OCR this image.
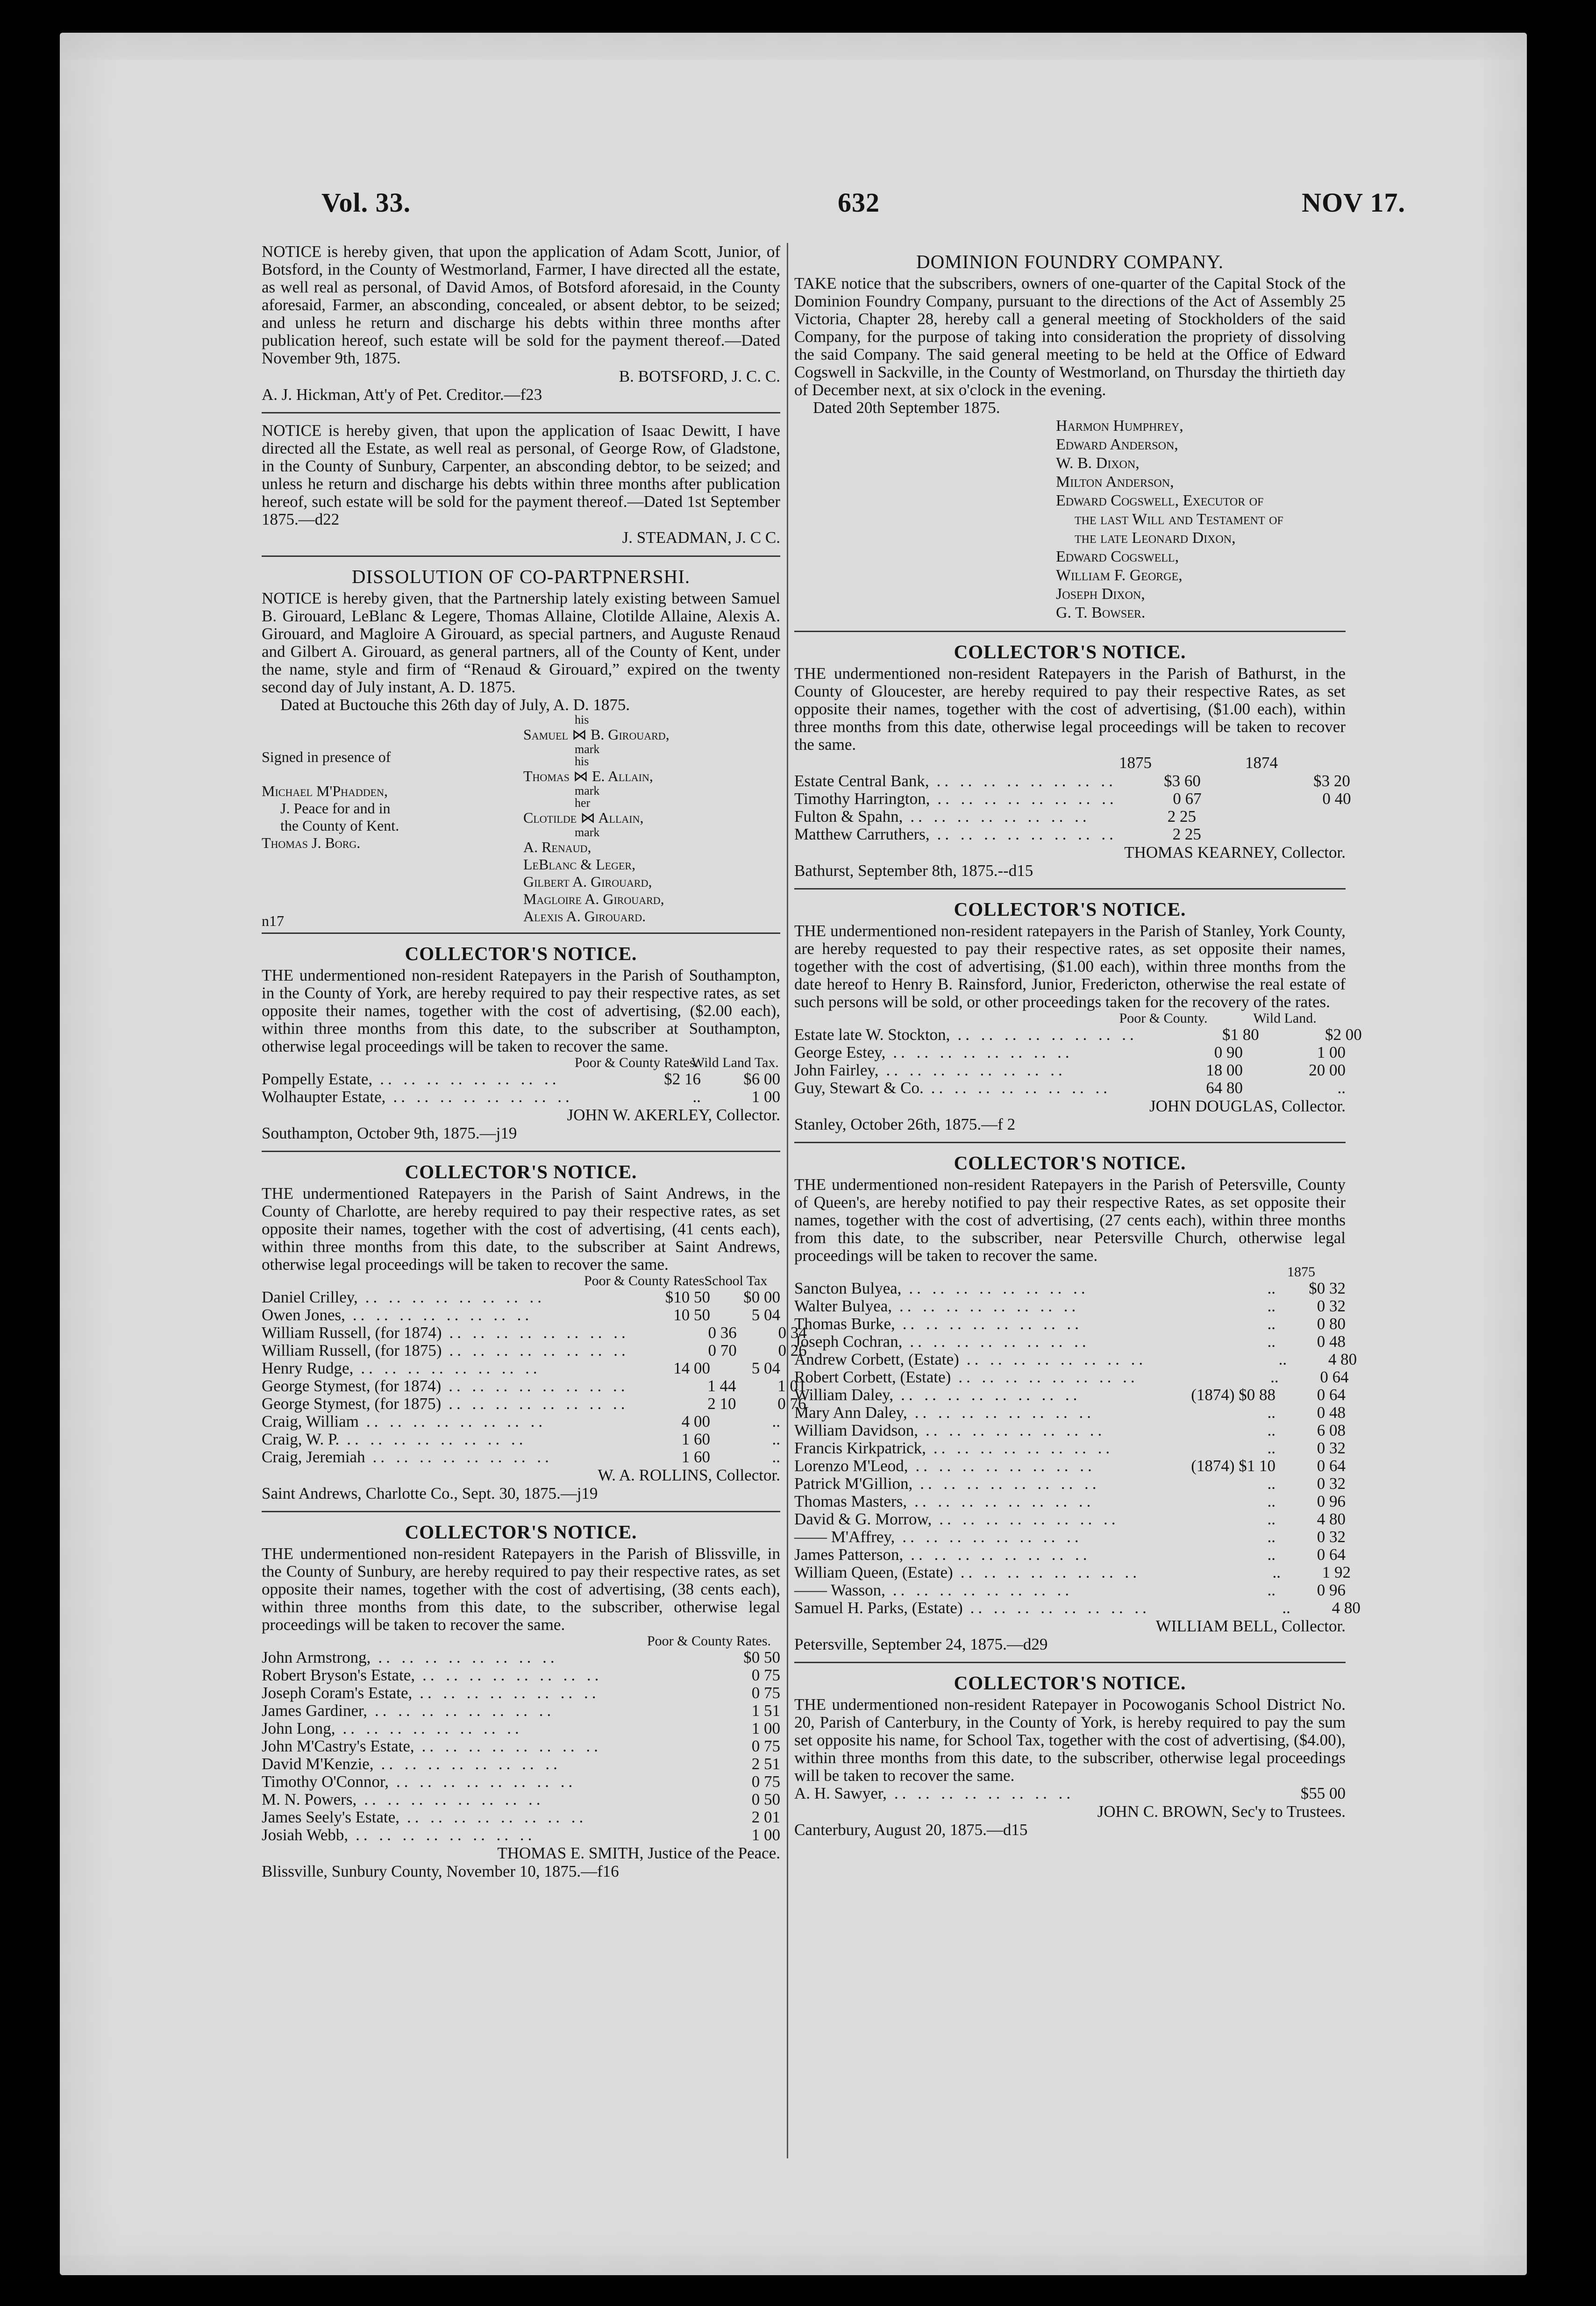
Vol. 33.	632	NOV 17.

NOTICE is hereby given, that upon the application of Adam Scott, Junior, of Botsford, in the County of Westmorland, Farmer, I have directed all the estate, as well real as personal, of David Amos, of Botsford aforesaid, in the County aforesaid, Farmer, an absconding, concealed, or absent debtor, to be seized; and unless he return and discharge his debts within three months after publication hereof, such estate will be sold for the payment thereof.—Dated November 9th, 1875.

B. BOTSFORD, J. C. C.

A. J. Hickman, Att'y of Pet. Creditor.—f23

NOTICE is hereby given, that upon the application of Isaac Dewitt, I have directed all the Estate, as well real as personal, of George Row, of Gladstone, in the County of Sunbury, Carpenter, an absconding debtor, to be seized; and unless he return and discharge his debts within three months after publication hereof, such estate will be sold for the payment thereof.—Dated 1st September 1875.—d22

J. STEADMAN, J. C C.

DISSOLUTION OF CO-PARTPNERSHI.

NOTICE is hereby given, that the Partnership lately existing between Samuel B. Girouard, LeBlanc & Legere, Thomas Allaine, Clotilde Allaine, Alexis A. Girouard, and Magloire A Girouard, as special partners, and Auguste Renaud and Gilbert A. Girouard, as general partners, all of the County of Kent, under the name, style and firm of “Renaud & Girouard,” expired on the twenty second day of July instant, A. D. 1875.

Dated at Buctouche this 26th day of July, A. D. 1875.

Signed in presence of
Michael M'Phadden,
J. Peace for and in
the County of Kent.
Thomas J. Borg.
n17
his
Samuel ⋈ B. Girouard,
mark
his
Thomas ⋈ E. Allain,
mark
her
Clotilde ⋈ Allain,
mark
A. Renaud,
LeBlanc & Leger,
Gilbert A. Girouard,
Magloire A. Girouard,
Alexis A. Girouard.
COLLECTOR'S NOTICE.

THE undermentioned non-resident Ratepayers in the Parish of Southampton, in the County of York, are hereby required to pay their respective rates, as set opposite their names, together with the cost of advertising, ($2.00 each), within three months from this date, to the subscriber at Southampton, otherwise legal proceedings will be taken to recover the same.

Poor & County Rates.
Wild Land Tax.
Pompelly Estate, .. .. .. .. .. .. .. ..	$2 16	$6 00
Wolhaupter Estate, .. .. .. .. .. .. .. ..	..	1 00

JOHN W. AKERLEY, Collector.

Southampton, October 9th, 1875.—j19

COLLECTOR'S NOTICE.

THE undermentioned Ratepayers in the Parish of Saint Andrews, in the County of Charlotte, are hereby required to pay their respective rates, as set opposite their names, together with the cost of advertising, (41 cents each), within three months from this date, to the subscriber at Saint Andrews, otherwise legal proceedings will be taken to recover the same.

Poor & County Rates.
School Tax
Daniel Crilley, .. .. .. .. .. .. .. ..	$10 50	$0 00
Owen Jones, .. .. .. .. .. .. .. ..	10 50	5 04
William Russell, (for 1874) .. .. .. .. .. .. .. ..	0 36	0 34
William Russell, (for 1875) .. .. .. .. .. .. .. ..	0 70	0 26
Henry Rudge, .. .. .. .. .. .. .. ..	14 00	5 04
George Stymest, (for 1874) .. .. .. .. .. .. .. ..	1 44	1 01
George Stymest, (for 1875) .. .. .. .. .. .. .. ..	2 10	0 76
Craig, William .. .. .. .. .. .. .. ..	4 00	..
Craig, W. P. .. .. .. .. .. .. .. ..	1 60	..
Craig, Jeremiah .. .. .. .. .. .. .. ..	1 60	..

W. A. ROLLINS, Collector.

Saint Andrews, Charlotte Co., Sept. 30, 1875.—j19

COLLECTOR'S NOTICE.

THE undermentioned non-resident Ratepayers in the Parish of Blissville, in the County of Sunbury, are hereby required to pay their respective rates, as set opposite their names, together with the cost of advertising, (38 cents each), within three months from this date, to the subscriber, otherwise legal proceedings will be taken to recover the same.

Poor & County Rates.
John Armstrong, .. .. .. .. .. .. .. ..	$0 50
Robert Bryson's Estate, .. .. .. .. .. .. .. ..	0 75
Joseph Coram's Estate, .. .. .. .. .. .. .. ..	0 75
James Gardiner, .. .. .. .. .. .. .. ..	1 51
John Long, .. .. .. .. .. .. .. ..	1 00
John M'Castry's Estate, .. .. .. .. .. .. .. ..	0 75
David M'Kenzie, .. .. .. .. .. .. .. ..	2 51
Timothy O'Connor, .. .. .. .. .. .. .. ..	0 75
M. N. Powers, .. .. .. .. .. .. .. ..	0 50
James Seely's Estate, .. .. .. .. .. .. .. ..	2 01
Josiah Webb, .. .. .. .. .. .. .. ..	1 00

THOMAS E. SMITH, Justice of the Peace.

Blissville, Sunbury County, November 10, 1875.—f16

DOMINION FOUNDRY COMPANY.

TAKE notice that the subscribers, owners of one-quarter of the Capital Stock of the Dominion Foundry Company, pursuant to the directions of the Act of Assembly 25 Victoria, Chapter 28, hereby call a general meeting of Stockholders of the said Company, for the purpose of taking into consideration the propriety of dissolving the said Company. The said general meeting to be held at the Office of Edward Cogswell in Sackville, in the County of Westmorland, on Thursday the thirtieth day of December next, at six o'clock in the evening.

Dated 20th September 1875.

Harmon Humphrey,
Edward Anderson,
W. B. Dixon,
Milton Anderson,
Edward Cogswell, Executor of
the last Will and Testament of
the late Leonard Dixon,
Edward Cogswell,
William F. George,
Joseph Dixon,
G. T. Bowser.
COLLECTOR'S NOTICE.

THE undermentioned non-resident Ratepayers in the Parish of Bathurst, in the County of Gloucester, are hereby required to pay their respective Rates, as set opposite their names, together with the cost of advertising, ($1.00 each), within three months from this date, otherwise legal proceedings will be taken to recover the same.

1875	1874
Estate Central Bank, .. .. .. .. .. .. .. ..	$3 60	$3 20
Timothy Harrington, .. .. .. .. .. .. .. ..	0 67	0 40
Fulton & Spahn, .. .. .. .. .. .. .. ..	2 25
Matthew Carruthers, .. .. .. .. .. .. .. ..	2 25

THOMAS KEARNEY, Collector.

Bathurst, September 8th, 1875.--d15

COLLECTOR'S NOTICE.

THE undermentioned non-resident ratepayers in the Parish of Stanley, York County, are hereby requested to pay their respective rates, as set opposite their names, together with the cost of advertising, ($1.00 each), within three months from the date hereof to Henry B. Rainsford, Junior, Fredericton, otherwise the real estate of such persons will be sold, or other proceedings taken for the recovery of the rates.

Poor & County.	Wild Land.
Estate late W. Stockton, .. .. .. .. .. .. .. ..	$1 80	$2 00
George Estey, .. .. .. .. .. .. .. ..	0 90	1 00
John Fairley, .. .. .. .. .. .. .. ..	18 00	20 00
Guy, Stewart & Co. .. .. .. .. .. .. .. ..	64 80	..

JOHN DOUGLAS, Collector.

Stanley, October 26th, 1875.—f 2

COLLECTOR'S NOTICE.

THE undermentioned non-resident Ratepayers in the Parish of Petersville, County of Queen's, are hereby notified to pay their respective Rates, as set opposite their names, together with the cost of advertising, (27 cents each), within three months from this date, to the subscriber, near Petersville Church, otherwise legal proceedings will be taken to recover the same.

1875
Sancton Bulyea, .. .. .. .. .. .. .. ..	..	$0 32
Walter Bulyea, .. .. .. .. .. .. .. ..	..	0 32
Thomas Burke, .. .. .. .. .. .. .. ..	..	0 80
Joseph Cochran, .. .. .. .. .. .. .. ..	..	0 48
Andrew Corbett, (Estate) .. .. .. .. .. .. .. ..	..	4 80
Robert Corbett, (Estate) .. .. .. .. .. .. .. ..	..	0 64
William Daley, .. .. .. .. .. .. .. ..	(1874) $0 88	0 64
Mary Ann Daley, .. .. .. .. .. .. .. ..	..	0 48
William Davidson, .. .. .. .. .. .. .. ..	..	6 08
Francis Kirkpatrick, .. .. .. .. .. .. .. ..	..	0 32
Lorenzo M'Leod, .. .. .. .. .. .. .. ..	(1874) $1 10	0 64
Patrick M'Gillion, .. .. .. .. .. .. .. ..	..	0 32
Thomas Masters, .. .. .. .. .. .. .. ..	..	0 96
David & G. Morrow, .. .. .. .. .. .. .. ..	..	4 80
—— M'Affrey, .. .. .. .. .. .. .. ..	..	0 32
James Patterson, .. .. .. .. .. .. .. ..	..	0 64
William Queen, (Estate) .. .. .. .. .. .. .. ..	..	1 92
—— Wasson, .. .. .. .. .. .. .. ..	..	0 96
Samuel H. Parks, (Estate) .. .. .. .. .. .. .. ..	..	4 80

WILLIAM BELL, Collector.

Petersville, September 24, 1875.—d29

COLLECTOR'S NOTICE.

THE undermentioned non-resident Ratepayer in Pocowoganis School District No. 20, Parish of Canterbury, in the County of York, is hereby required to pay the sum set opposite his name, for School Tax, together with the cost of advertising, ($4.00), within three months from this date, to the subscriber, otherwise legal proceedings will be taken to recover the same.

A. H. Sawyer, .. .. .. .. .. .. .. ..	$55 00

JOHN C. BROWN, Sec'y to Trustees.

Canterbury, August 20, 1875.—d15
